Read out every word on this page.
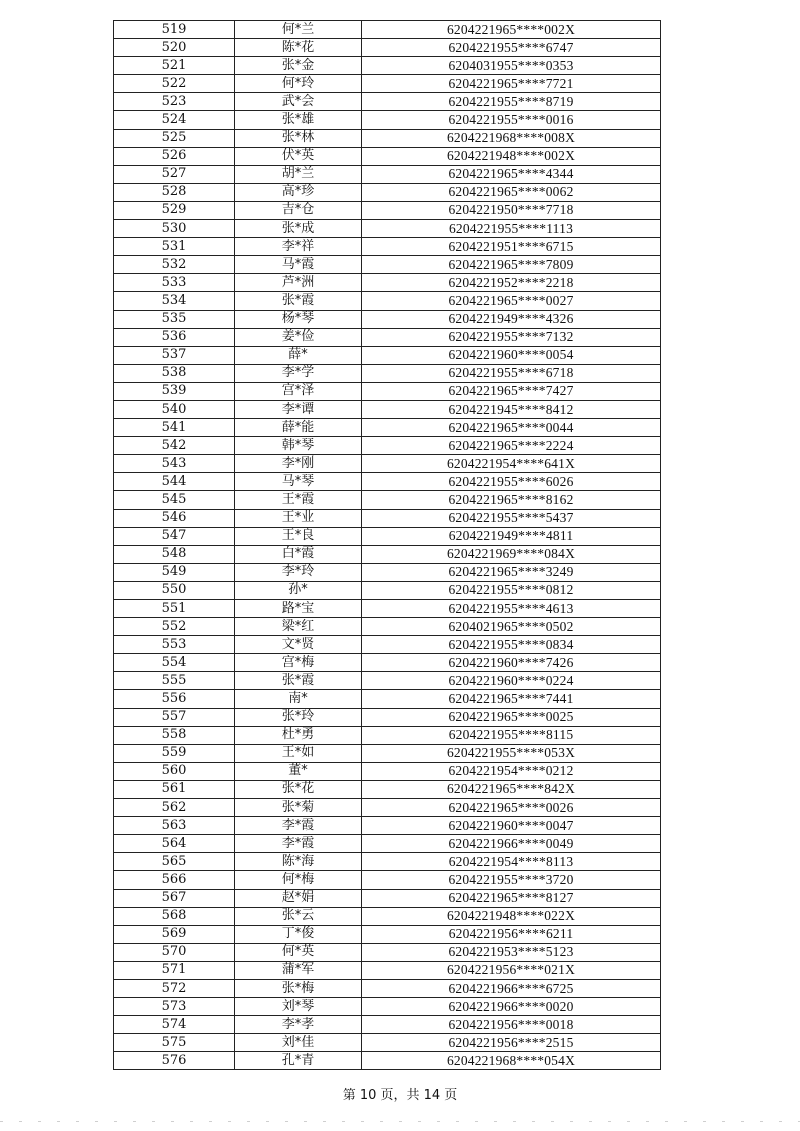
519	何*兰	6204221965****002X
520	陈*花	6204221955****6747
521	张*金	6204031955****0353
522	何*玲	6204221965****7721
523	武*会	6204221955****8719
524	张*雄	6204221955****0016
525	张*林	6204221968****008X
526	伏*英	6204221948****002X
527	胡*兰	6204221965****4344
528	高*珍	6204221965****0062
529	吉*仓	6204221950****7718
530	张*成	6204221955****1113
531	李*祥	6204221951****6715
532	马*霞	6204221965****7809
533	芦*洲	6204221952****2218
534	张*霞	6204221965****0027
535	杨*琴	6204221949****4326
536	姜*俭	6204221955****7132
537	薛*	6204221960****0054
538	李*学	6204221955****6718
539	宫*泽	6204221965****7427
540	李*谭	6204221945****8412
541	薛*能	6204221965****0044
542	韩*琴	6204221965****2224
543	李*刚	6204221954****641X
544	马*琴	6204221955****6026
545	王*霞	6204221965****8162
546	王*业	6204221955****5437
547	王*良	6204221949****4811
548	白*霞	6204221969****084X
549	李*玲	6204221965****3249
550	孙*	6204221955****0812
551	路*宝	6204221955****4613
552	梁*红	6204021965****0502
553	文*贤	6204221955****0834
554	宫*梅	6204221960****7426
555	张*霞	6204221960****0224
556	南*	6204221965****7441
557	张*玲	6204221965****0025
558	杜*勇	6204221955****8115
559	王*如	6204221955****053X
560	董*	6204221954****0212
561	张*花	6204221965****842X
562	张*菊	6204221965****0026
563	李*霞	6204221960****0047
564	李*霞	6204221966****0049
565	陈*海	6204221954****8113
566	何*梅	6204221955****3720
567	赵*娟	6204221965****8127
568	张*云	6204221948****022X
569	丁*俊	6204221956****6211
570	何*英	6204221953****5123
571	蒲*军	6204221956****021X
572	张*梅	6204221966****6725
573	刘*琴	6204221966****0020
574	李*孝	6204221956****0018
575	刘*佳	6204221956****2515
576	孔*青	6204221968****054X
第 10 页，共 14 页
